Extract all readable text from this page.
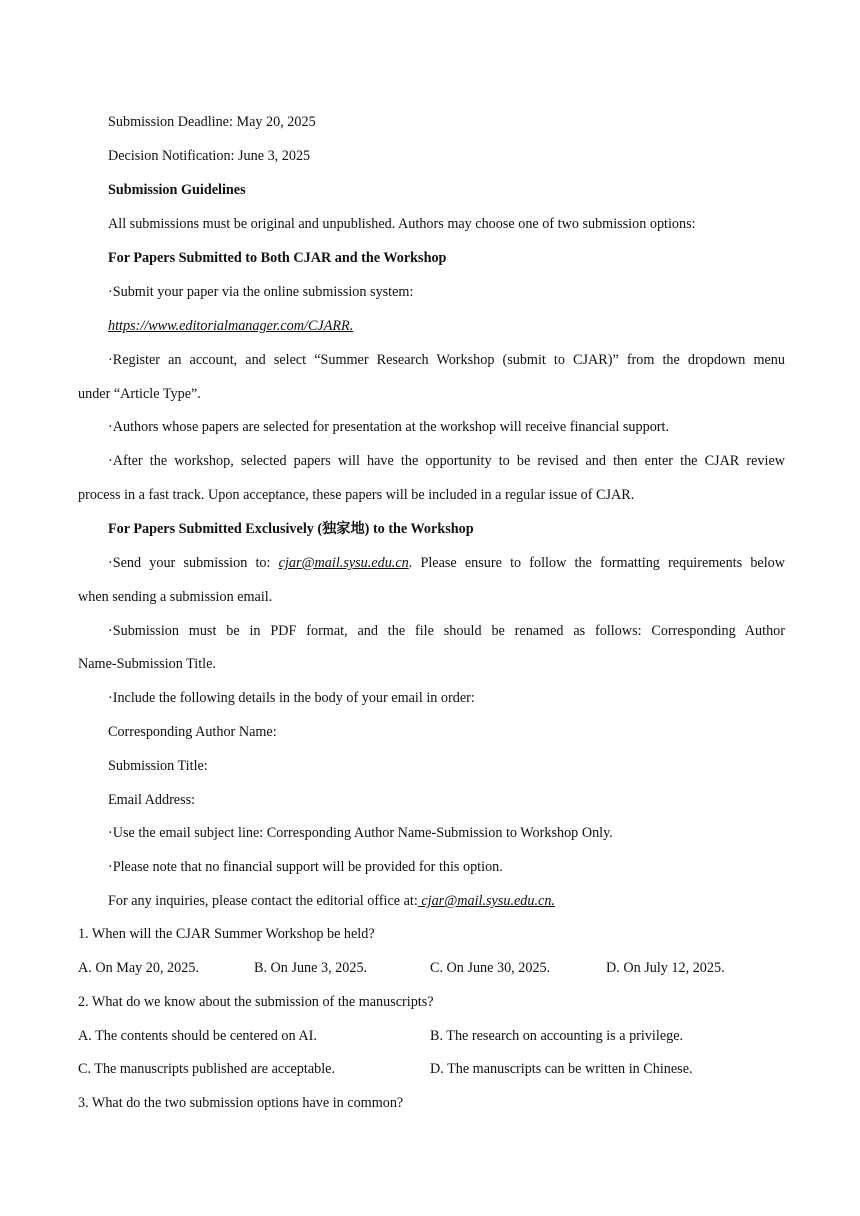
Submission Deadline: May 20, 2025
Decision Notification: June 3, 2025
Submission Guidelines
All submissions must be original and unpublished. Authors may choose one of two submission options:
For Papers Submitted to Both CJAR and the Workshop
·Submit your paper via the online submission system:
https://www.editorialmanager.com/CJARR.
·Register an account, and select “Summer Research Workshop (submit to CJAR)” from the dropdown menu
under “Article Type”.
·Authors whose papers are selected for presentation at the workshop will receive financial support.
·After the workshop, selected papers will have the opportunity to be revised and then enter the CJAR review
process in a fast track. Upon acceptance, these papers will be included in a regular issue of CJAR.
For Papers Submitted Exclusively (独家地) to the Workshop
·Send your submission to: cjar@mail.sysu.edu.cn. Please ensure to follow the formatting requirements below
when sending a submission email.
·Submission must be in PDF format, and the file should be renamed as follows: Corresponding Author
Name-Submission Title.
·Include the following details in the body of your email in order:
Corresponding Author Name:
Submission Title:
Email Address:
·Use the email subject line: Corresponding Author Name-Submission to Workshop Only.
·Please note that no financial support will be provided for this option.
For any inquiries, please contact the editorial office at: cjar@mail.sysu.edu.cn.
1. When will the CJAR Summer Workshop be held?
A. On May 20, 2025.	B. On June 3, 2025.	C. On June 30, 2025.	D. On July 12, 2025.
2. What do we know about the submission of the manuscripts?
A. The contents should be centered on AI.	B. The research on accounting is a privilege.
C. The manuscripts published are acceptable.	D. The manuscripts can be written in Chinese.
3. What do the two submission options have in common?
